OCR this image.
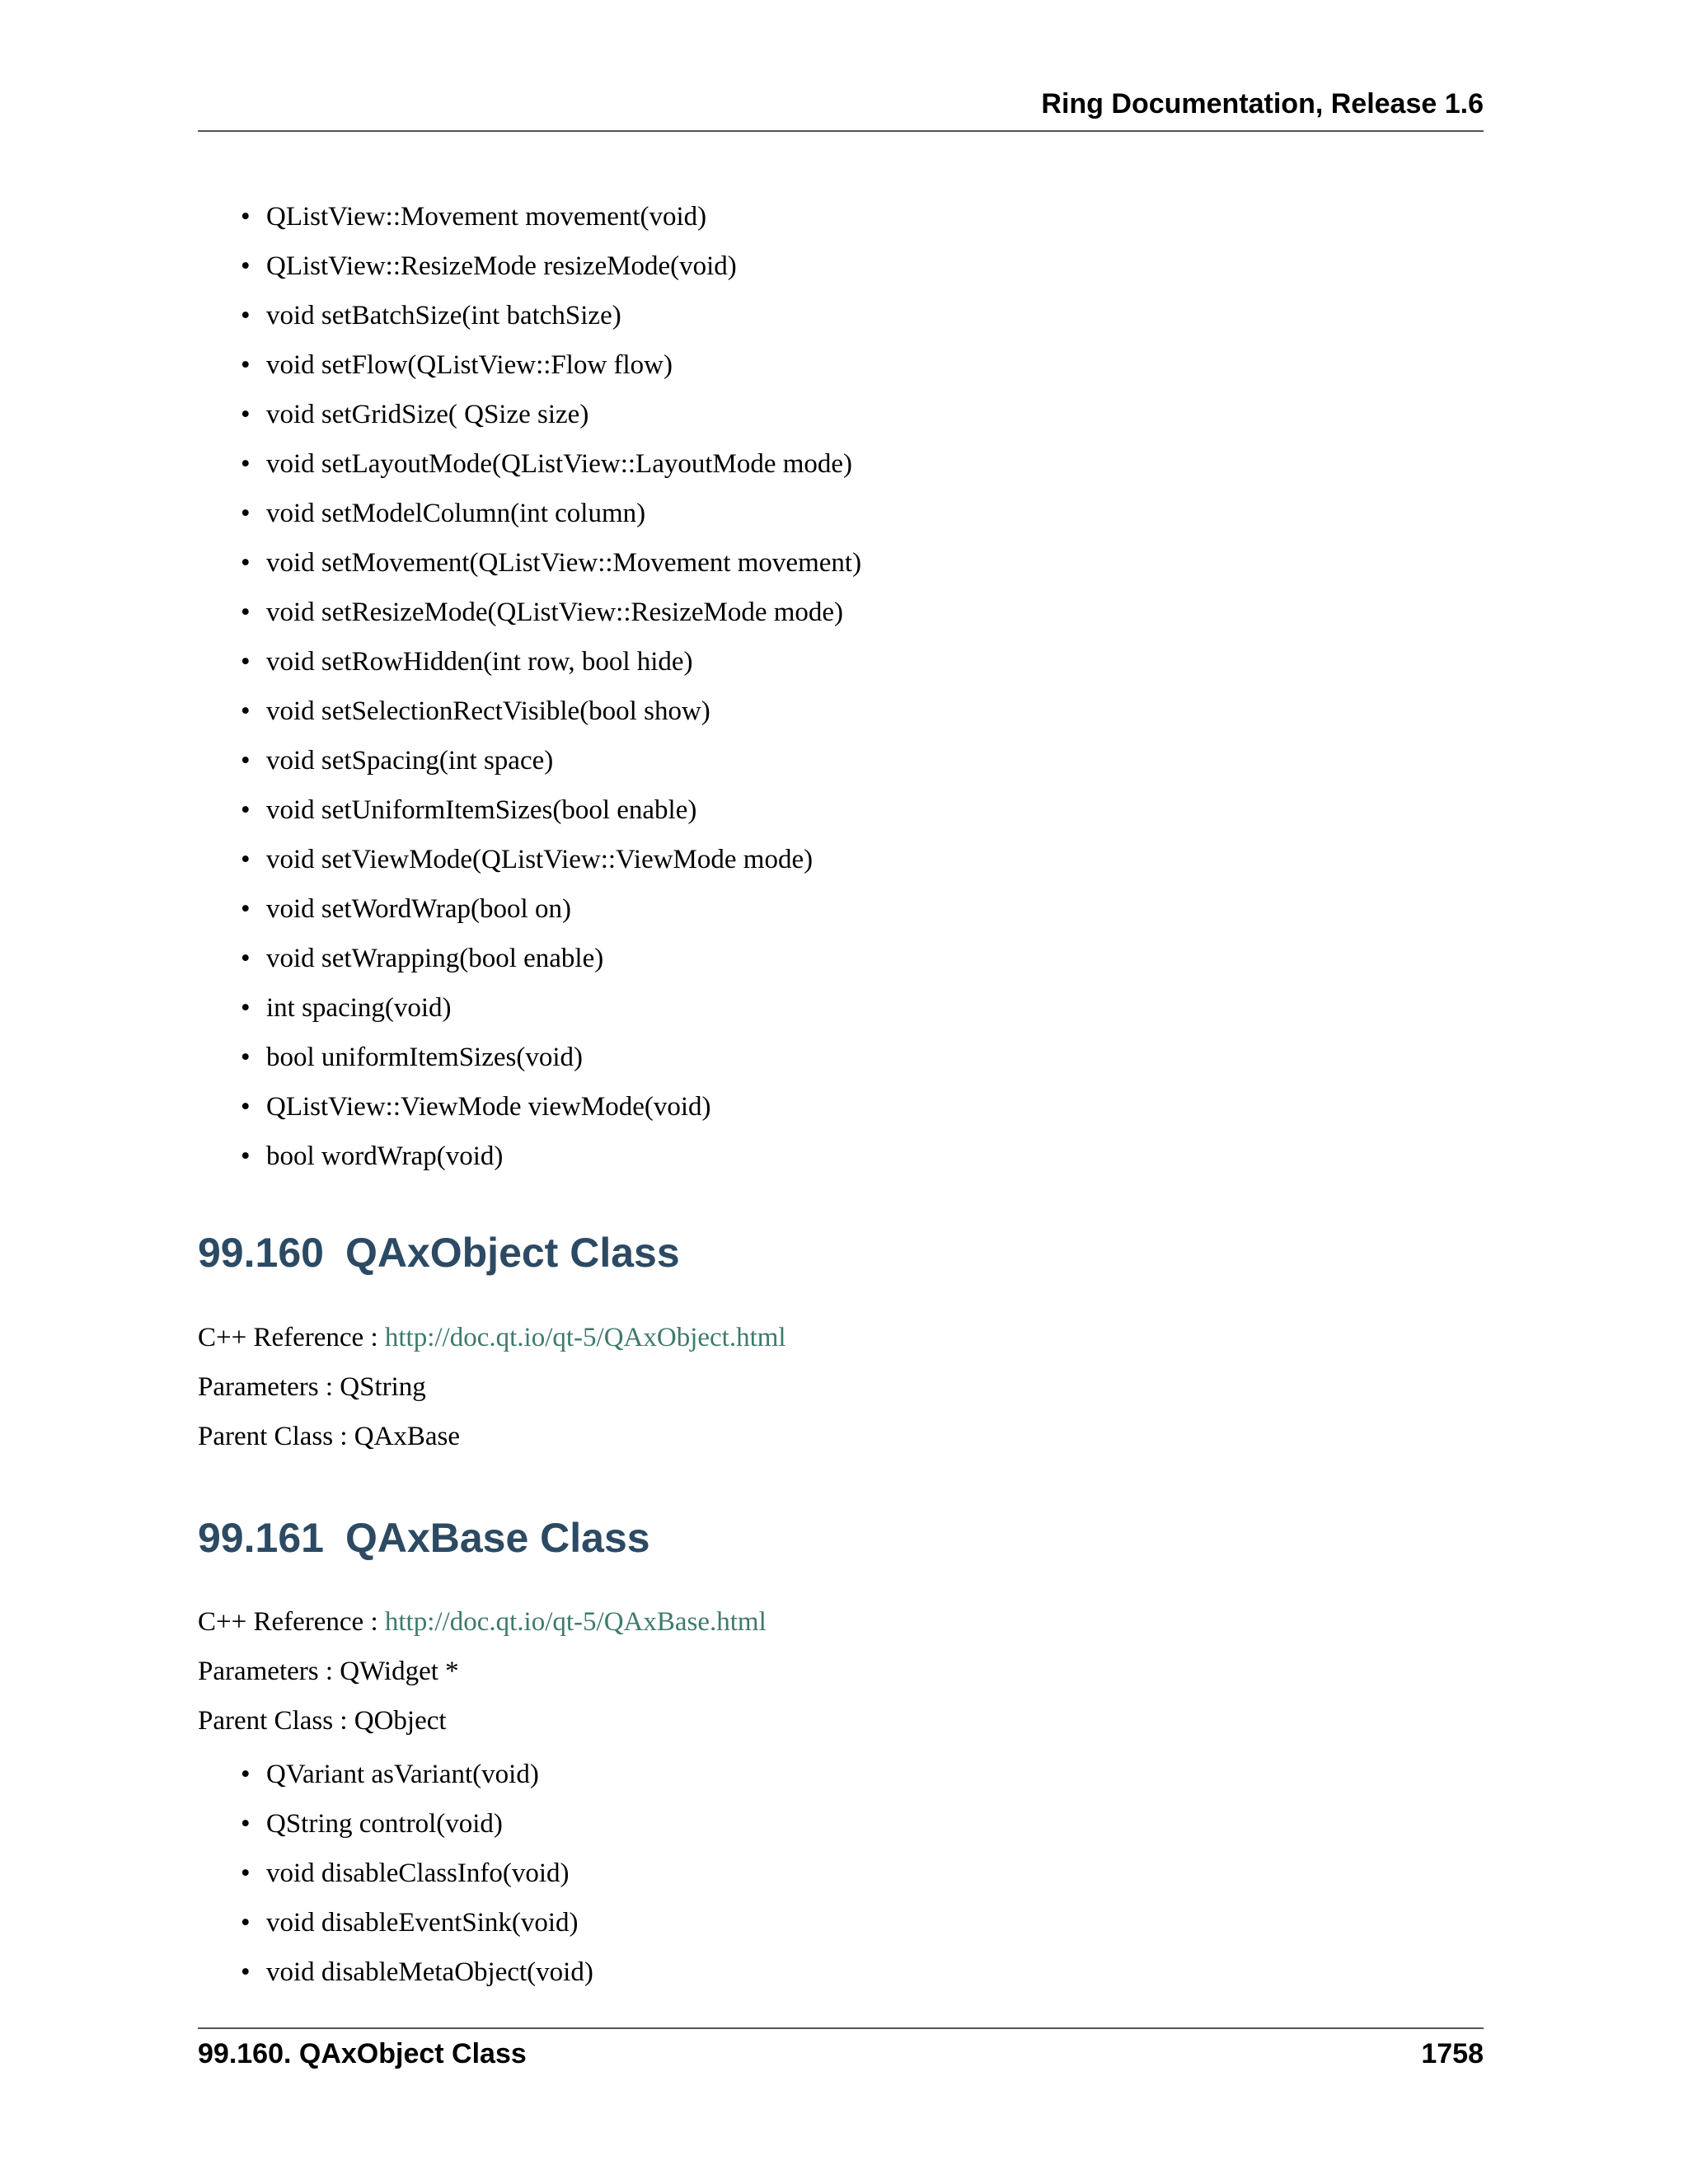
Ring Documentation, Release 1.6
• QListView::Movement movement(void)
• QListView::ResizeMode resizeMode(void)
• void setBatchSize(int batchSize)
• void setFlow(QListView::Flow flow)
• void setGridSize( QSize size)
• void setLayoutMode(QListView::LayoutMode mode)
• void setModelColumn(int column)
• void setMovement(QListView::Movement movement)
• void setResizeMode(QListView::ResizeMode mode)
• void setRowHidden(int row, bool hide)
• void setSelectionRectVisible(bool show)
• void setSpacing(int space)
• void setUniformItemSizes(bool enable)
• void setViewMode(QListView::ViewMode mode)
• void setWordWrap(bool on)
• void setWrapping(bool enable)
• int spacing(void)
• bool uniformItemSizes(void)
• QListView::ViewMode viewMode(void)
• bool wordWrap(void)
99.160 QAxObject Class
C++ Reference : http://doc.qt.io/qt-5/QAxObject.html
Parameters : QString
Parent Class : QAxBase
99.161 QAxBase Class
C++ Reference : http://doc.qt.io/qt-5/QAxBase.html
Parameters : QWidget *
Parent Class : QObject
• QVariant asVariant(void)
• QString control(void)
• void disableClassInfo(void)
• void disableEventSink(void)
• void disableMetaObject(void)
99.160. QAxObject Class	1758
